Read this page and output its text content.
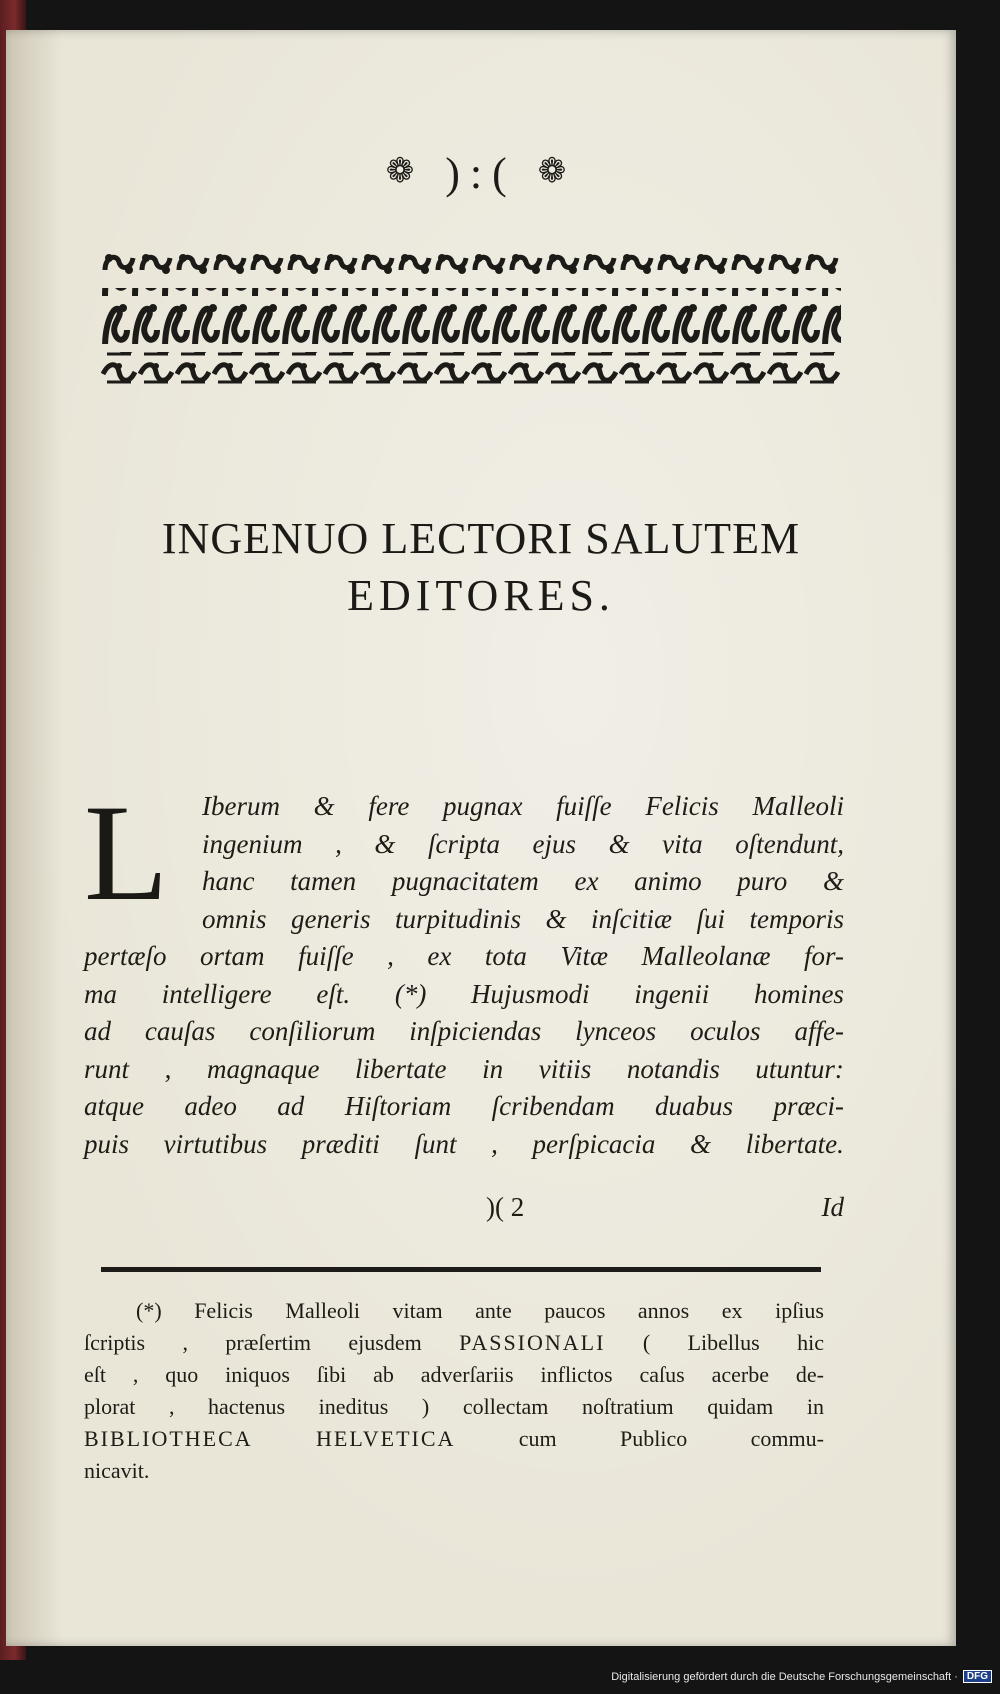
❁ ):( ❁
INGENUO LECTORI SALUTEM
EDITORES.
L	Iberum & fere pugnax fuiſſe Felicis Malleoli
ingenium , & ſcripta ejus & vita oſtendunt,
hanc tamen pugnacitatem ex animo puro &
omnis generis turpitudinis & inſcitiæ ſui temporis
pertæſo ortam fuiſſe , ex tota Vitæ Malleolanæ for-
ma intelligere eſt. (*) Hujusmodi ingenii homines
ad cauſas conſiliorum inſpiciendas lynceos oculos affe-
runt , magnaque libertate in vitiis notandis utuntur:
atque adeo ad Hiſtoriam ſcribendam duabus præci-
puis virtutibus præditi ſunt , perſpicacia & libertate.
)( 2	Id
(*) Felicis Malleoli vitam ante paucos annos ex ipſius
ſcriptis , præſertim ejusdem PASSIONALI ( Libellus hic
eſt , quo iniquos ſibi ab adverſariis inflictos caſus acerbe de-
plorat , hactenus ineditus ) collectam noſtratium quidam in
BIBLIOTHECA	HELVETICA	cum	Publico	commu-
nicavit.
Digitalisierung gefördert durch die Deutsche Forschungsgemeinschaft · DFG
